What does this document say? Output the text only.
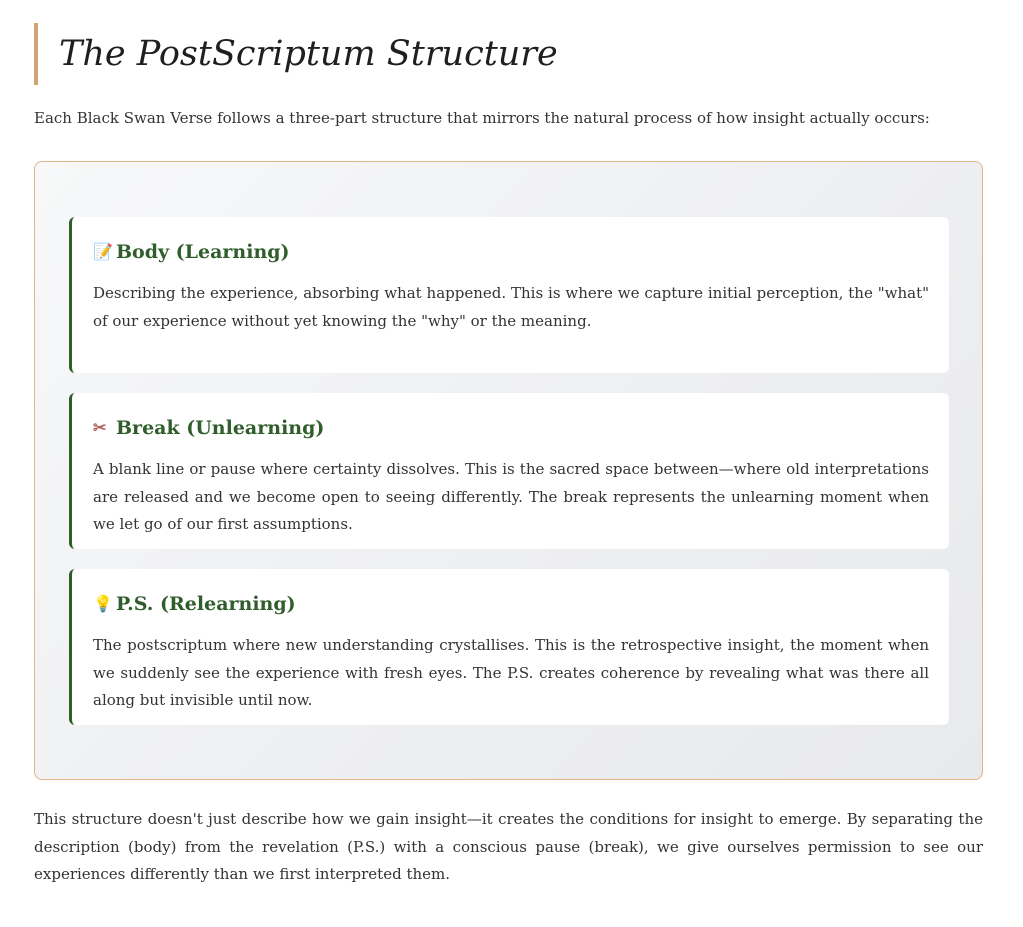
The PostScriptum Structure

Each Black Swan Verse follows a three-part structure that mirrors the natural process of how insight actually occurs:

📝 Body (Learning)

Describing the experience, absorbing what happened. This is where we capture initial perception, the "what" of our experience without yet knowing the "why" or the meaning.

✂ Break (Unlearning)

A blank line or pause where certainty dissolves. This is the sacred space between—where old interpretations are released and we become open to seeing differently. The break represents the unlearning moment when we let go of our first assumptions.

💡 P.S. (Relearning)

The postscriptum where new understanding crystallises. This is the retrospective insight, the moment when we suddenly see the experience with fresh eyes. The P.S. creates coherence by revealing what was there all along but invisible until now.

This structure doesn't just describe how we gain insight—it creates the conditions for insight to emerge. By separating the description (body) from the revelation (P.S.) with a conscious pause (break), we give ourselves permission to see our experiences differently than we first interpreted them.
